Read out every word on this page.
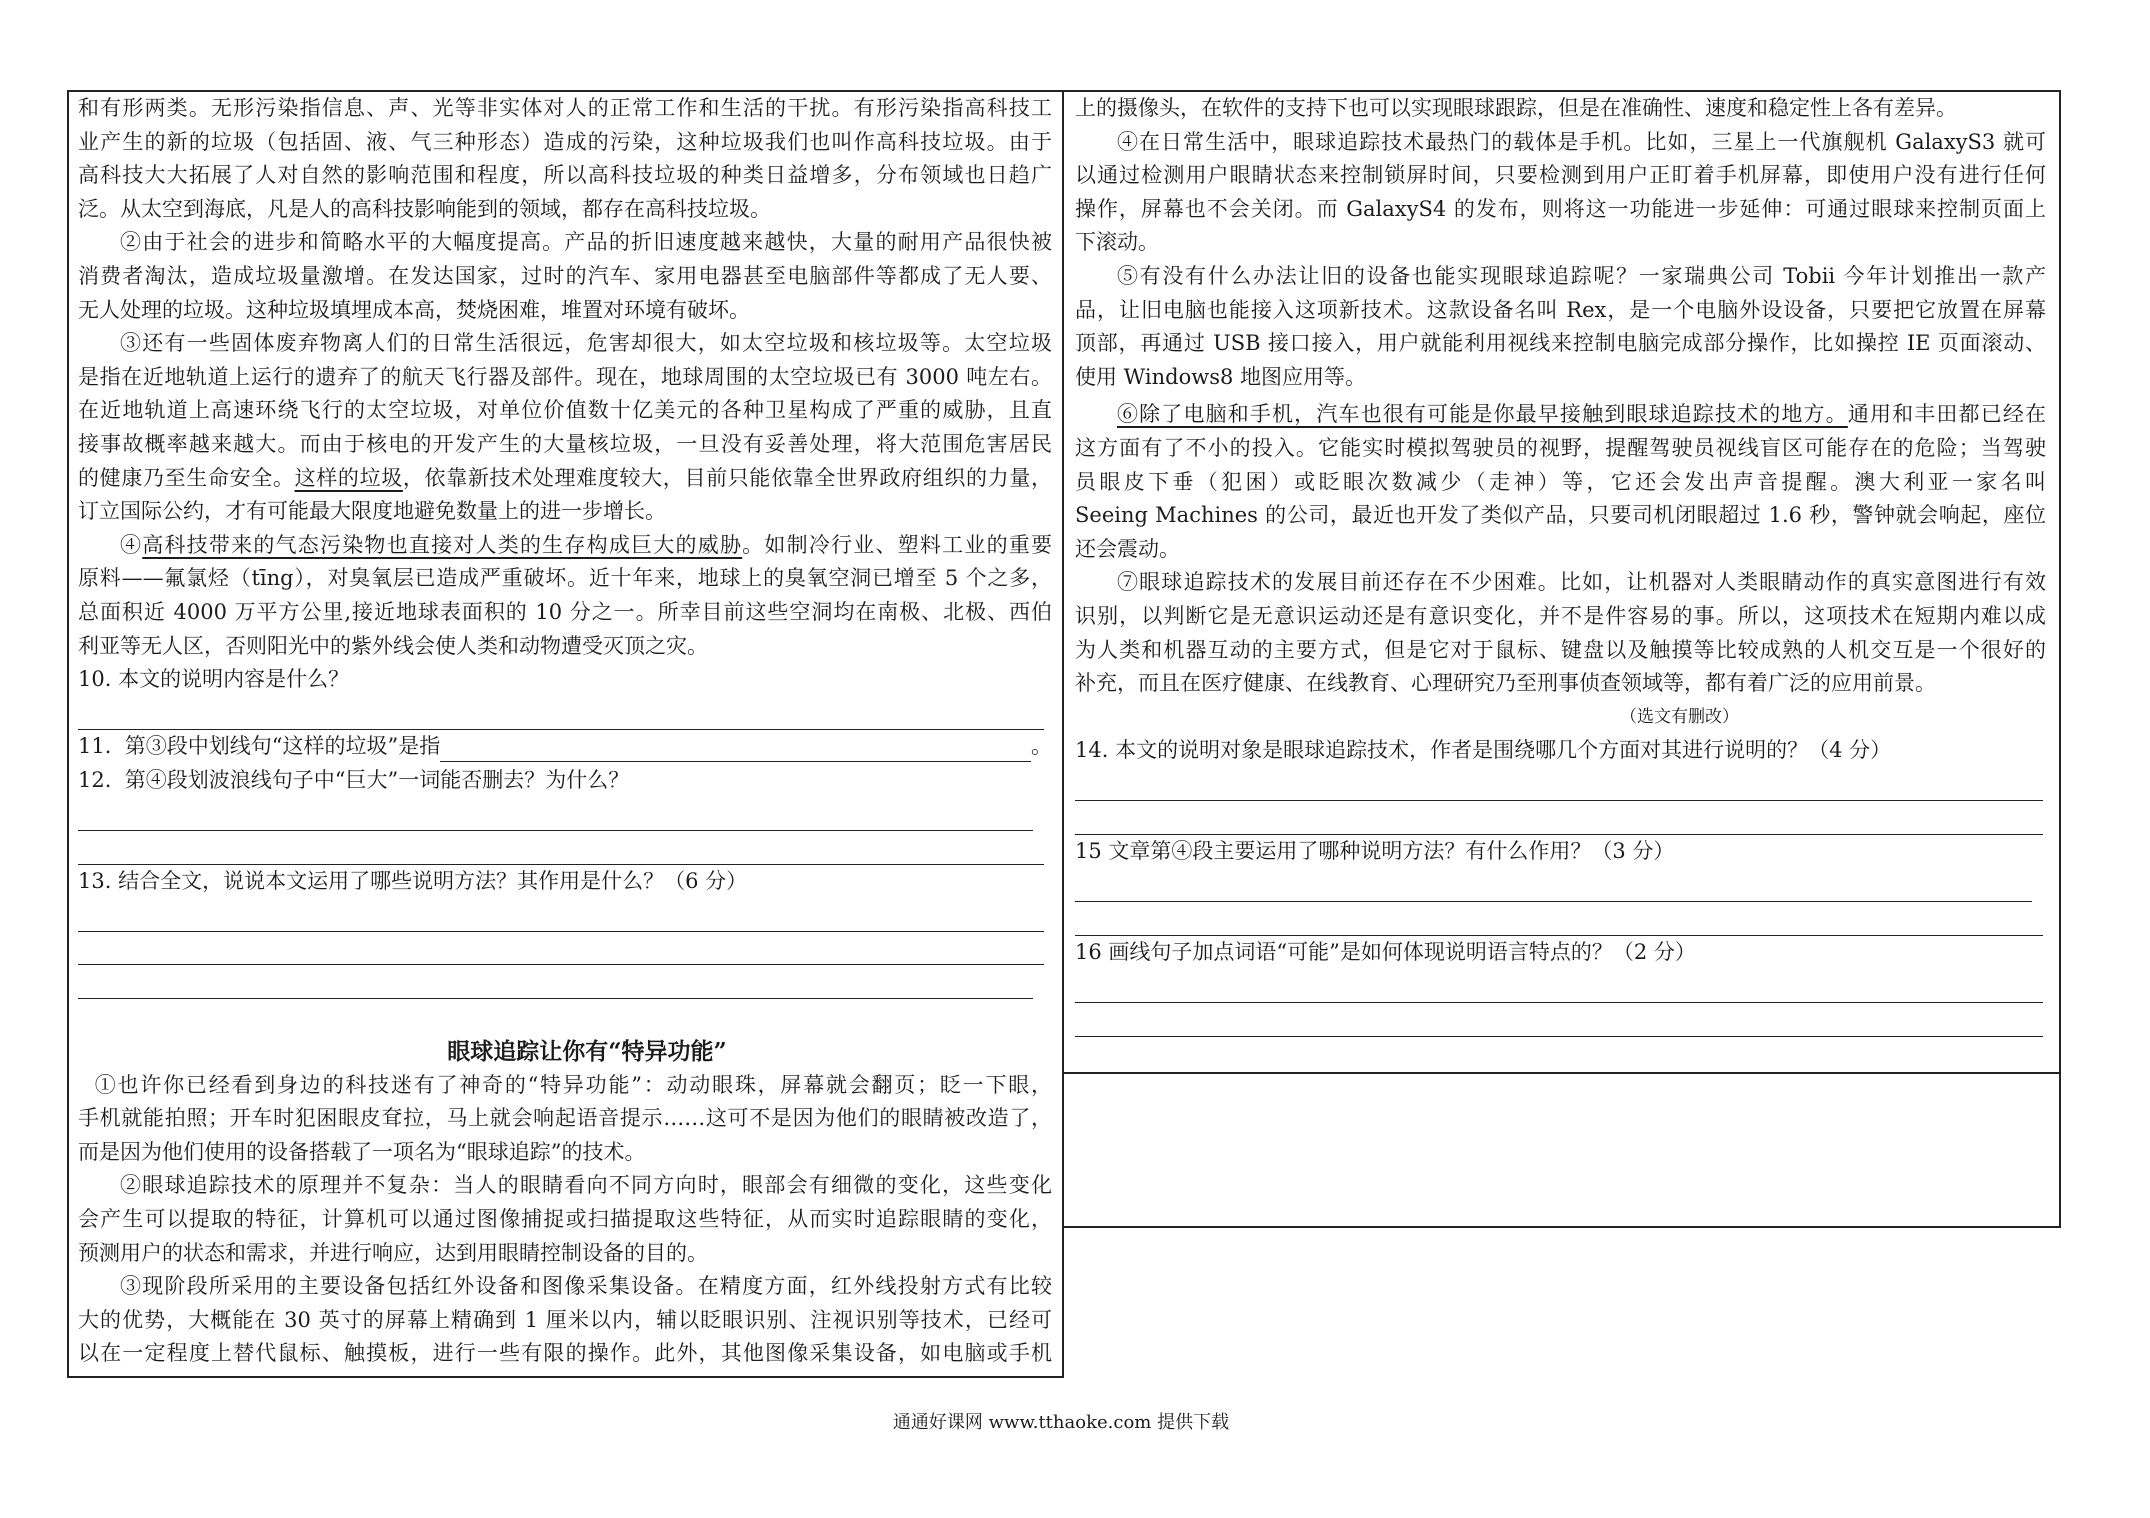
和有形两类。无形污染指信息、声、光等非实体对人的正常工作和生活的干扰。有形污染指高科技工
业产生的新的垃圾（包括固、液、气三种形态）造成的污染，这种垃圾我们也叫作高科技垃圾。由于
高科技大大拓展了人对自然的影响范围和程度，所以高科技垃圾的种类日益增多，分布领域也日趋广
泛。从太空到海底，凡是人的高科技影响能到的领域，都存在高科技垃圾。
②由于社会的进步和简略水平的大幅度提高。产品的折旧速度越来越快，大量的耐用产品很快被
消费者淘汰，造成垃圾量激增。在发达国家，过时的汽车、家用电器甚至电脑部件等都成了无人要、
无人处理的垃圾。这种垃圾填埋成本高，焚烧困难，堆置对环境有破坏。
③还有一些固体废弃物离人们的日常生活很远，危害却很大，如太空垃圾和核垃圾等。太空垃圾
是指在近地轨道上运行的遗弃了的航天飞行器及部件。现在，地球周围的太空垃圾已有 3000 吨左右。
在近地轨道上高速环绕飞行的太空垃圾，对单位价值数十亿美元的各种卫星构成了严重的威胁，且直
接事故概率越来越大。而由于核电的开发产生的大量核垃圾，一旦没有妥善处理，将大范围危害居民
的健康乃至生命安全。这样的垃圾，依靠新技术处理难度较大，目前只能依靠全世界政府组织的力量，
订立国际公约，才有可能最大限度地避免数量上的进一步增长。
④高科技带来的气态污染物也直接对人类的生存构成巨大的威胁。如制冷行业、塑料工业的重要
原料——氟氯烃（tīng），对臭氧层已造成严重破坏。近十年来，地球上的臭氧空洞已增至 5 个之多，
总面积近 4000 万平方公里,接近地球表面积的 10 分之一。所幸目前这些空洞均在南极、北极、西伯
利亚等无人区，否则阳光中的紫外线会使人类和动物遭受灭顶之灾。
10. 本文的说明内容是什么？
11.  第③段中划线句“这样的垃圾”是指	。
12.  第④段划波浪线句子中“巨大”一词能否删去？为什么？
13. 结合全文，说说本文运用了哪些说明方法？其作用是什么？（6 分）
眼球追踪让你有“特异功能”
①也许你已经看到身边的科技迷有了神奇的“特异功能”：动动眼珠，屏幕就会翻页；眨一下眼，
手机就能拍照；开车时犯困眼皮耷拉，马上就会响起语音提示……这可不是因为他们的眼睛被改造了，
而是因为他们使用的设备搭载了一项名为“眼球追踪”的技术。
②眼球追踪技术的原理并不复杂：当人的眼睛看向不同方向时，眼部会有细微的变化，这些变化
会产生可以提取的特征，计算机可以通过图像捕捉或扫描提取这些特征，从而实时追踪眼睛的变化，
预测用户的状态和需求，并进行响应，达到用眼睛控制设备的目的。
③现阶段所采用的主要设备包括红外设备和图像采集设备。在精度方面，红外线投射方式有比较
大的优势，大概能在 30 英寸的屏幕上精确到 1 厘米以内，辅以眨眼识别、注视识别等技术，已经可
以在一定程度上替代鼠标、触摸板，进行一些有限的操作。此外，其他图像采集设备，如电脑或手机
上的摄像头，在软件的支持下也可以实现眼球跟踪，但是在准确性、速度和稳定性上各有差异。
④在日常生活中，眼球追踪技术最热门的载体是手机。比如，三星上一代旗舰机 GalaxyS3 就可
以通过检测用户眼睛状态来控制锁屏时间，只要检测到用户正盯着手机屏幕，即使用户没有进行任何
操作，屏幕也不会关闭。而 GalaxyS4 的发布，则将这一功能进一步延伸：可通过眼球来控制页面上
下滚动。
⑤有没有什么办法让旧的设备也能实现眼球追踪呢？一家瑞典公司 Tobii 今年计划推出一款产
品，让旧电脑也能接入这项新技术。这款设备名叫 Rex，是一个电脑外设设备，只要把它放置在屏幕
顶部，再通过 USB 接口接入，用户就能利用视线来控制电脑完成部分操作，比如操控 IE 页面滚动、
使用 Windows8 地图应用等。
⑥除了电脑和手机，汽车也很有可能是你最早接触到眼球追踪技术的地方。通用和丰田都已经在
这方面有了不小的投入。它能实时模拟驾驶员的视野，提醒驾驶员视线盲区可能存在的危险；当驾驶
员眼皮下垂（犯困）或眨眼次数减少（走神）等，它还会发出声音提醒。澳大利亚一家名叫
Seeing Machines 的公司，最近也开发了类似产品，只要司机闭眼超过 1.6 秒，警钟就会响起，座位
还会震动。
⑦眼球追踪技术的发展目前还存在不少困难。比如，让机器对人类眼睛动作的真实意图进行有效
识别，以判断它是无意识运动还是有意识变化，并不是件容易的事。所以，这项技术在短期内难以成
为人类和机器互动的主要方式，但是它对于鼠标、键盘以及触摸等比较成熟的人机交互是一个很好的
补充，而且在医疗健康、在线教育、心理研究乃至刑事侦查领域等，都有着广泛的应用前景。
（选文有删改）
14. 本文的说明对象是眼球追踪技术，作者是围绕哪几个方面对其进行说明的？（4 分）
15 文章第④段主要运用了哪种说明方法？有什么作用？（3 分）
16 画线句子加点词语“可能”是如何体现说明语言特点的？（2 分）
通通好课网 www.tthaoke.com 提供下载
